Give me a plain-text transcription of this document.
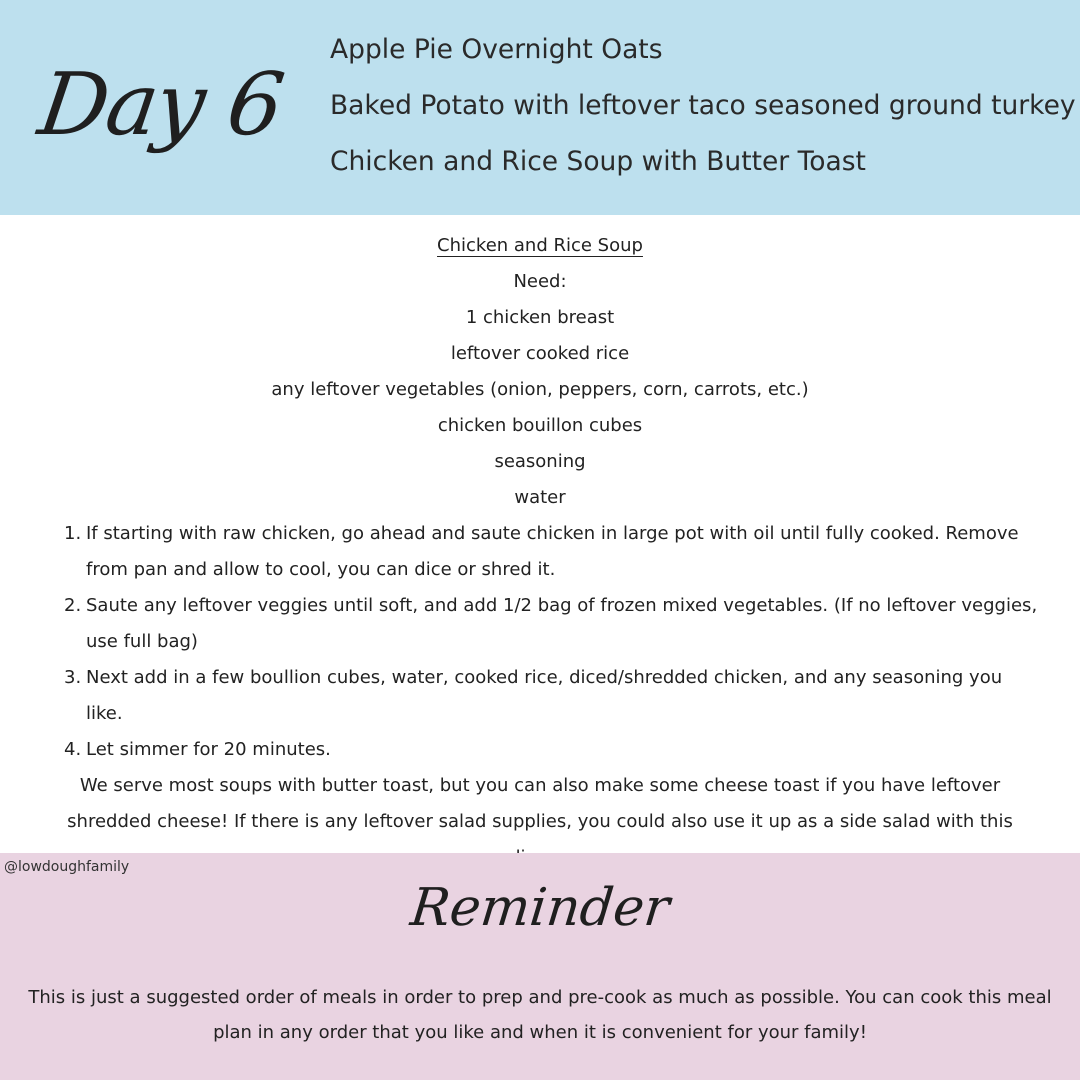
Day 6
Apple Pie Overnight Oats
Baked Potato with leftover taco seasoned ground turkey
Chicken and Rice Soup with Butter Toast
Chicken and Rice Soup
Need:
1 chicken breast
leftover cooked rice
any leftover vegetables (onion, peppers, corn, carrots, etc.)
chicken bouillon cubes
seasoning
water
If starting with raw chicken, go ahead and saute chicken in large pot with oil until fully cooked. Remove from pan and allow to cool, you can dice or shred it.
Saute any leftover veggies until soft, and add 1/2 bag of frozen mixed vegetables. (If no leftover veggies, use full bag)
Next add in a few boullion cubes, water, cooked rice, diced/shredded chicken, and any seasoning you like.
Let simmer for 20 minutes.
We serve most soups with butter toast, but you can also make some cheese toast if you have leftover shredded cheese! If there is any leftover salad supplies, you could also use it up as a side salad with this
@lowdoughfamily
Reminder
This is just a suggested order of meals in order to prep and pre-cook as much as possible. You can cook this meal plan in any order that you like and when it is convenient for your family!
